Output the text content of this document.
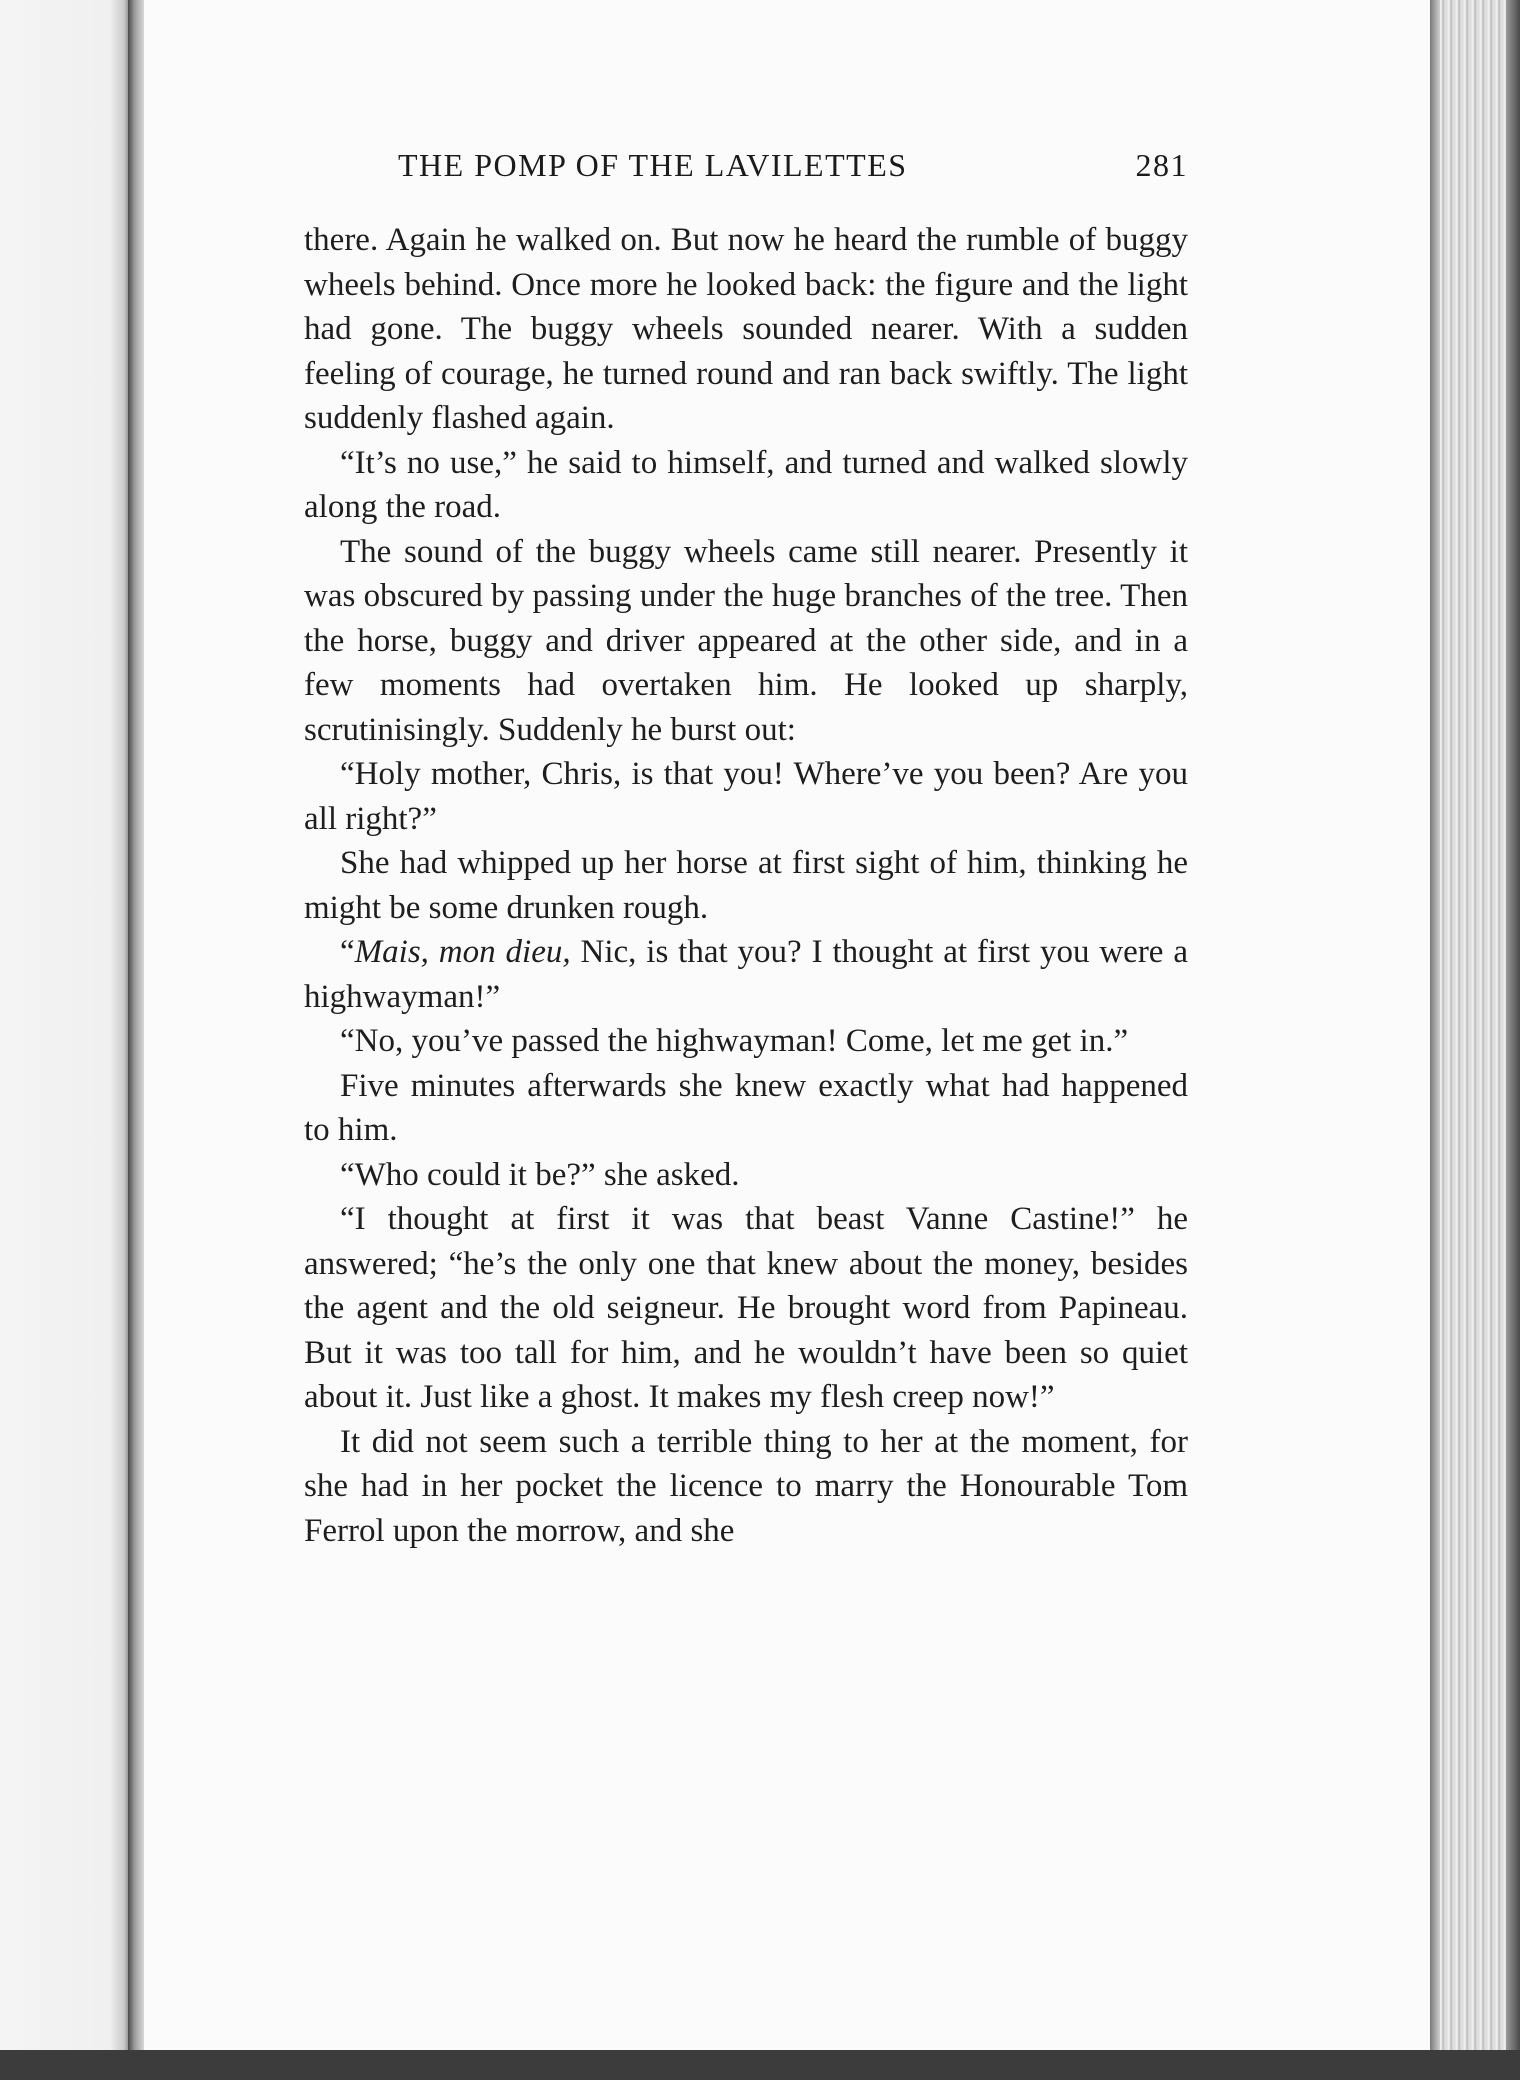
THE POMP OF THE LAVILETTES	281

there. Again he walked on. But now he heard the rumble of buggy wheels behind. Once more he looked back: the figure and the light had gone. The buggy wheels sounded nearer. With a sudden feeling of courage, he turned round and ran back swiftly. The light suddenly flashed again.

“It’s no use,” he said to himself, and turned and walked slowly along the road.

The sound of the buggy wheels came still nearer. Presently it was obscured by passing under the huge branches of the tree. Then the horse, buggy and driver appeared at the other side, and in a few moments had overtaken him. He looked up sharply, scrutinisingly. Suddenly he burst out:

“Holy mother, Chris, is that you! Where’ve you been? Are you all right?”

She had whipped up her horse at first sight of him, thinking he might be some drunken rough.

“Mais, mon dieu, Nic, is that you? I thought at first you were a highwayman!”

“No, you’ve passed the highwayman! Come, let me get in.”

Five minutes afterwards she knew exactly what had happened to him.

“Who could it be?” she asked.

“I thought at first it was that beast Vanne Castine!” he answered; “he’s the only one that knew about the money, besides the agent and the old seigneur. He brought word from Papineau. But it was too tall for him, and he wouldn’t have been so quiet about it. Just like a ghost. It makes my flesh creep now!”

It did not seem such a terrible thing to her at the moment, for she had in her pocket the licence to marry the Honourable Tom Ferrol upon the morrow, and she
